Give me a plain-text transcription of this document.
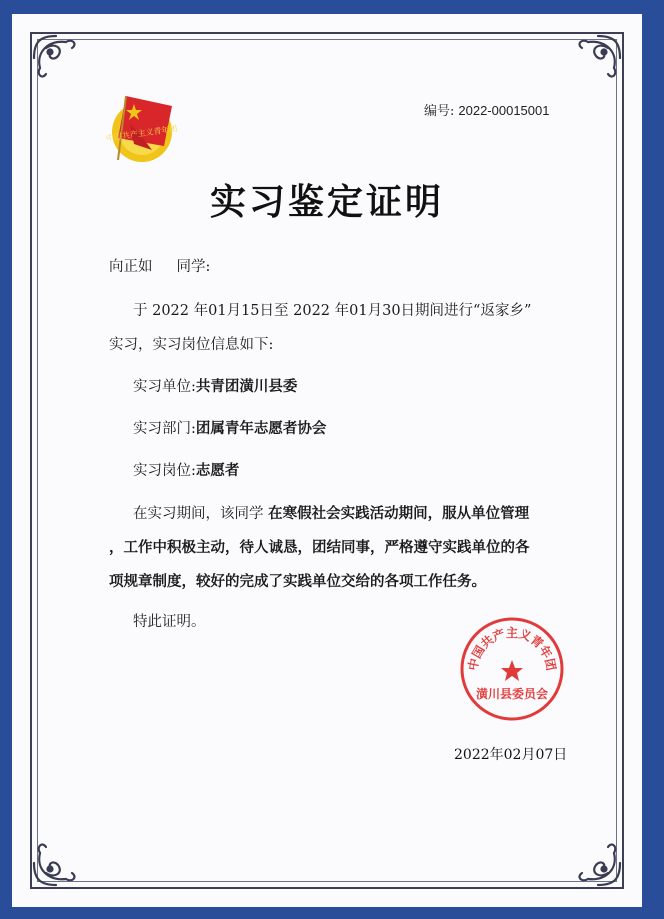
中国共产主义青年团
编号: 2022-00015001
实习鉴定证明
向正如 同学:
于 2022 年01月15日至 2022 年01月30日期间进行“返家乡”
实习，实习岗位信息如下:
实习单位:共青团潢川县委
实习部门:团属青年志愿者协会
实习岗位:志愿者
在实习期间，该同学 在寒假社会实践活动期间，服从单位管理
，工作中积极主动，待人诚恳，团结同事，严格遵守实践单位的各
项规章制度，较好的完成了实践单位交给的各项工作任务。
特此证明。
中国共产主义青年团
潢川县委员会
2022年02月07日
